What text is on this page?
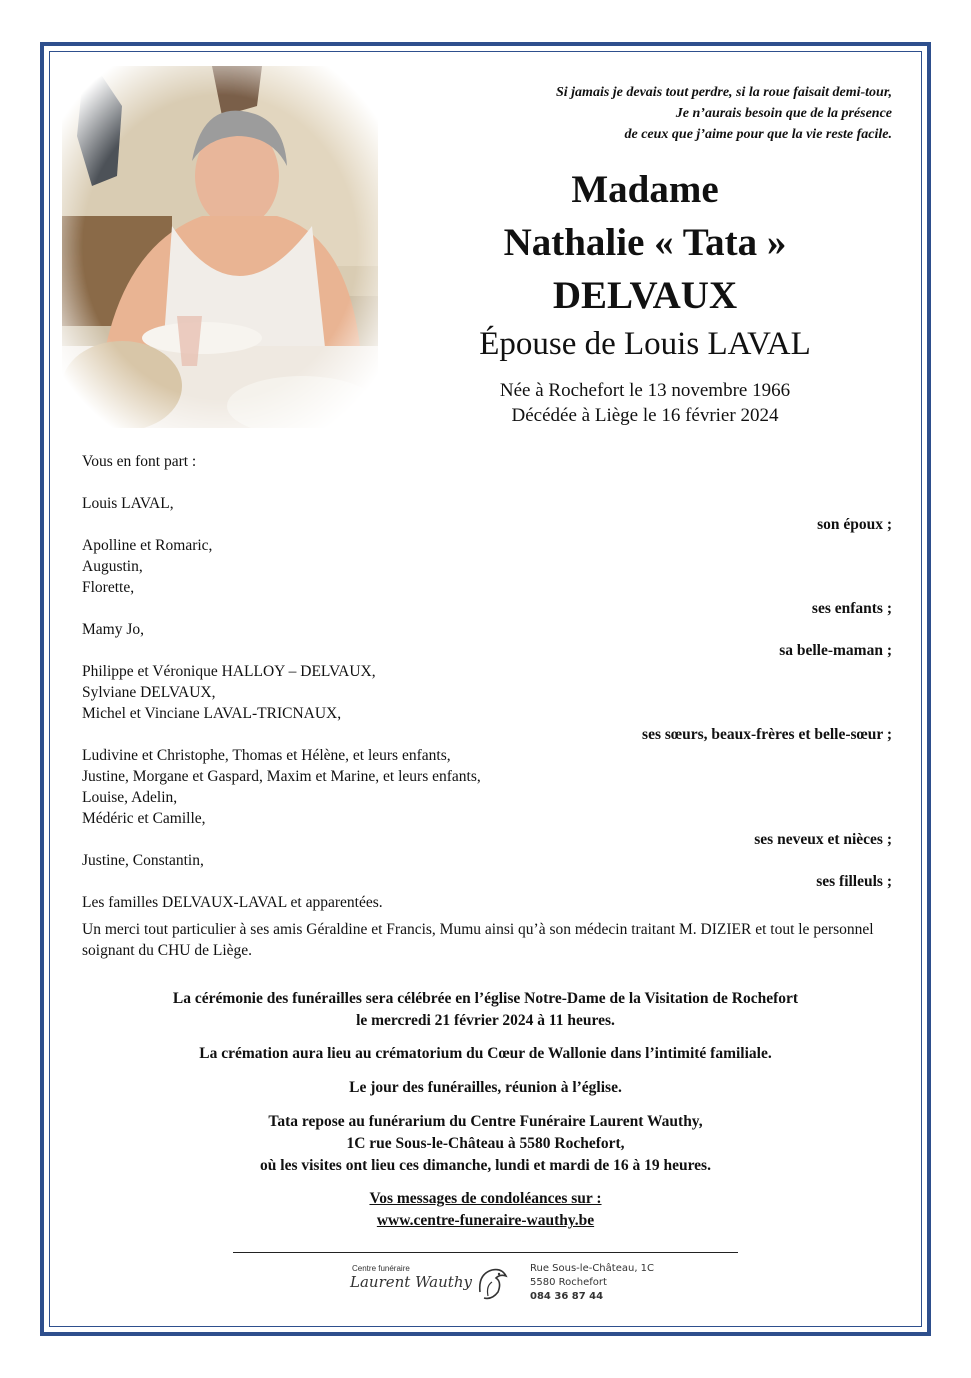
Si jamais je devais tout perdre, si la roue faisait demi-tour,
Je n’aurais besoin que de la présence
de ceux que j’aime pour que la vie reste facile.
Madame
Nathalie « Tata »
DELVAUX
Épouse de Louis LAVAL
Née à Rochefort le 13 novembre 1966
Décédée à Liège le 16 février 2024
Vous en font part :
Louis LAVAL,
son époux ;
Apolline et Romaric,
Augustin,
Florette,
ses enfants ;
Mamy Jo,
sa belle-maman ;
Philippe et Véronique HALLOY – DELVAUX,
Sylviane DELVAUX,
Michel et Vinciane LAVAL-TRICNAUX,
ses sœurs, beaux-frères et belle-sœur ;
Ludivine et Christophe, Thomas et Hélène, et leurs enfants,
Justine, Morgane et Gaspard, Maxim et Marine, et leurs enfants,
Louise, Adelin,
Médéric et Camille,
ses neveux et nièces ;
Justine, Constantin,
ses filleuls ;
Les familles DELVAUX-LAVAL et apparentées.
Un merci tout particulier à ses amis Géraldine et Francis, Mumu ainsi qu’à son médecin traitant M. DIZIER et tout le personnel soignant du CHU de Liège.
La cérémonie des funérailles sera célébrée en l’église Notre-Dame de la Visitation de Rochefort
le mercredi 21 février 2024 à 11 heures.
La crémation aura lieu au crématorium du Cœur de Wallonie dans l’intimité familiale.
Le jour des funérailles, réunion à l’église.
Tata repose au funérarium du Centre Funéraire Laurent Wauthy,
1C rue Sous-le-Château à 5580 Rochefort,
où les visites ont lieu ces dimanche, lundi et mardi de 16 à 19 heures.
Vos messages de condoléances sur :
www.centre-funeraire-wauthy.be
Centre funéraire
Laurent Wauthy
Rue Sous-le-Château, 1C
5580 Rochefort
084 36 87 44
